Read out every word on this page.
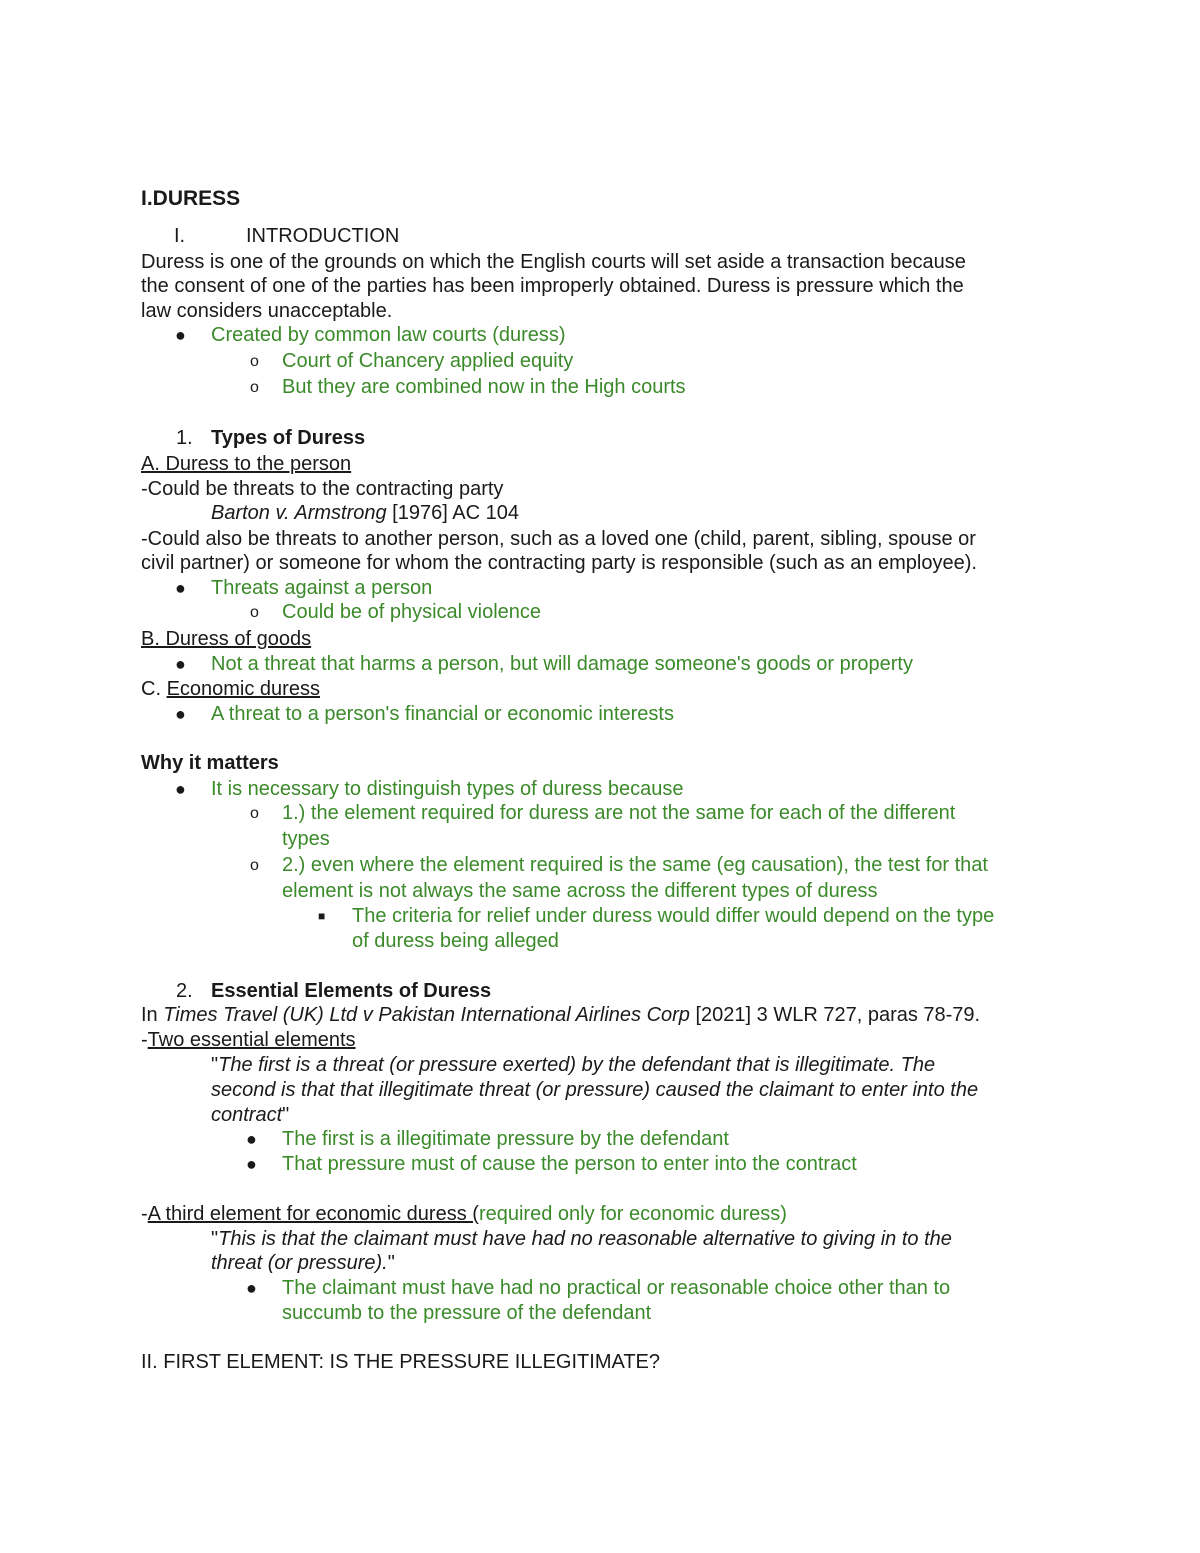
I.DURESS
I.	INTRODUCTION
Duress is one of the grounds on which the English courts will set aside a transaction because
the consent of one of the parties has been improperly obtained. Duress is pressure which the
law considers unacceptable.
● Created by common law courts (duress)
o Court of Chancery applied equity
o But they are combined now in the High courts
1. Types of Duress
A. Duress to the person
-Could be threats to the contracting party
Barton v. Armstrong [1976] AC 104
-Could also be threats to another person, such as a loved one (child, parent, sibling, spouse or
civil partner) or someone for whom the contracting party is responsible (such as an employee).
● Threats against a person
o Could be of physical violence
B. Duress of goods
● Not a threat that harms a person, but will damage someone's goods or property
C. Economic duress
● A threat to a person's financial or economic interests
Why it matters
● It is necessary to distinguish types of duress because
o 1.) the element required for duress are not the same for each of the different
types
o 2.) even where the element required is the same (eg causation), the test for that
element is not always the same across the different types of duress
■ The criteria for relief under duress would differ would depend on the type
of duress being alleged
2. Essential Elements of Duress
In Times Travel (UK) Ltd v Pakistan International Airlines Corp [2021] 3 WLR 727, paras 78-79.
-Two essential elements
"The first is a threat (or pressure exerted) by the defendant that is illegitimate. The
second is that that illegitimate threat (or pressure) caused the claimant to enter into the
contract"
● The first is a illegitimate pressure by the defendant
● That pressure must of cause the person to enter into the contract
-A third element for economic duress (required only for economic duress)
"This is that the claimant must have had no reasonable alternative to giving in to the
threat (or pressure)."
● The claimant must have had no practical or reasonable choice other than to
succumb to the pressure of the defendant
II. FIRST ELEMENT: IS THE PRESSURE ILLEGITIMATE?
